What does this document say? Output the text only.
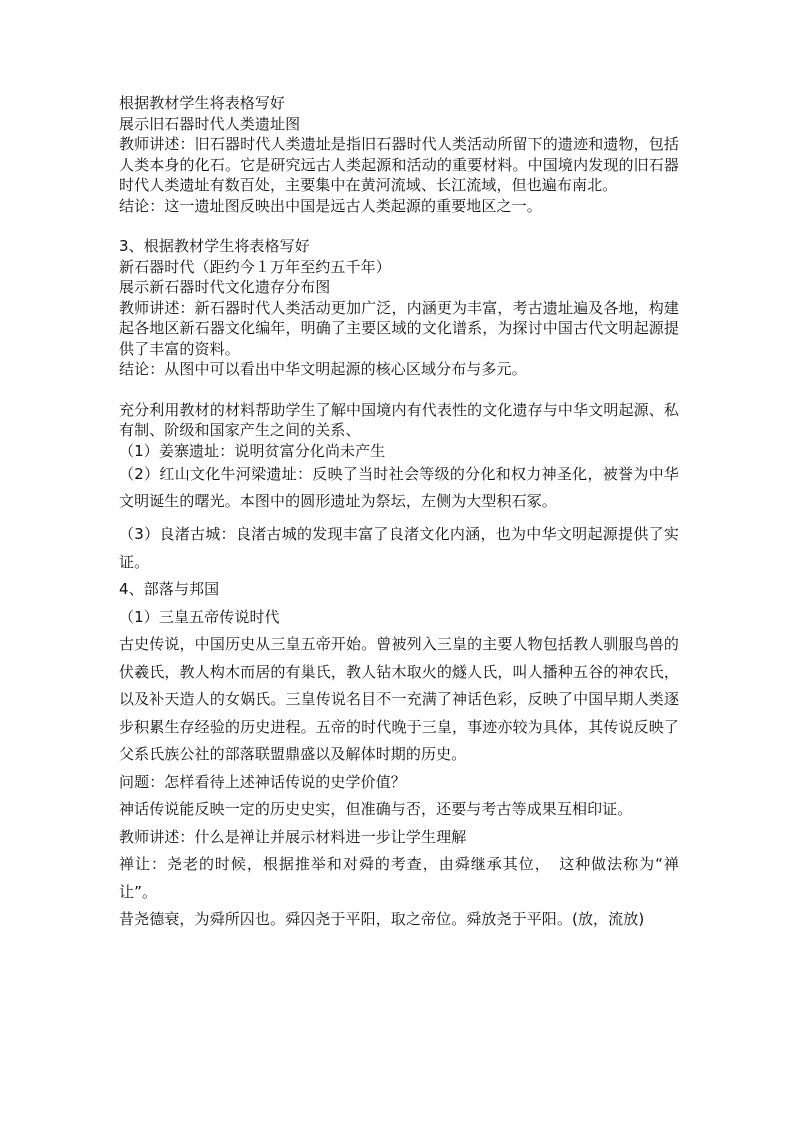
根据教材学生将表格写好

展示旧石器时代人类遗址图

教师讲述：旧石器时代人类遗址是指旧石器时代人类活动所留下的遗迹和遗物，包括人类本身的化石。它是研究远古人类起源和活动的重要材料。中国境内发现的旧石器时代人类遗址有数百处，主要集中在黄河流域、长江流域，但也遍布南北。

结论：这一遗址图反映出中国是远古人类起源的重要地区之一。

3、根据教材学生将表格写好

新石器时代（距约今１万年至约五千年）

展示新石器时代文化遗存分布图

教师讲述：新石器时代人类活动更加广泛，内涵更为丰富，考古遗址遍及各地，构建起各地区新石器文化编年，明确了主要区域的文化谱系，为探讨中国古代文明起源提供了丰富的资料。

结论：从图中可以看出中华文明起源的核心区域分布与多元。

充分利用教材的材料帮助学生了解中国境内有代表性的文化遗存与中华文明起源、私有制、阶级和国家产生之间的关系、

（1）姜寨遗址：说明贫富分化尚未产生

（2）红山文化牛河梁遗址：反映了当时社会等级的分化和权力神圣化，被誉为中华文明诞生的曙光。本图中的圆形遗址为祭坛，左侧为大型积石冢。

（3）良渚古城：良渚古城的发现丰富了良渚文化内涵，也为中华文明起源提供了实证。

4、部落与邦国

（1）三皇五帝传说时代

古史传说，中国历史从三皇五帝开始。曾被列入三皇的主要人物包括教人驯服鸟兽的伏羲氏，教人构木而居的有巢氏，教人钻木取火的燧人氏，叫人播种五谷的神农氏，以及补天造人的女娲氏。三皇传说名目不一充满了神话色彩，反映了中国早期人类逐步积累生存经验的历史进程。五帝的时代晚于三皇，事迹亦较为具体，其传说反映了父系氏族公社的部落联盟鼎盛以及解体时期的历史。

问题：怎样看待上述神话传说的史学价值？

神话传说能反映一定的历史史实，但准确与否，还要与考古等成果互相印证。

教师讲述：什么是禅让并展示材料进一步让学生理解

禅让：尧老的时候，根据推举和对舜的考查，由舜继承其位，　这种做法称为“禅让”。

昔尧德衰，为舜所囚也。舜囚尧于平阳，取之帝位。舜放尧于平阳。(放，流放)
